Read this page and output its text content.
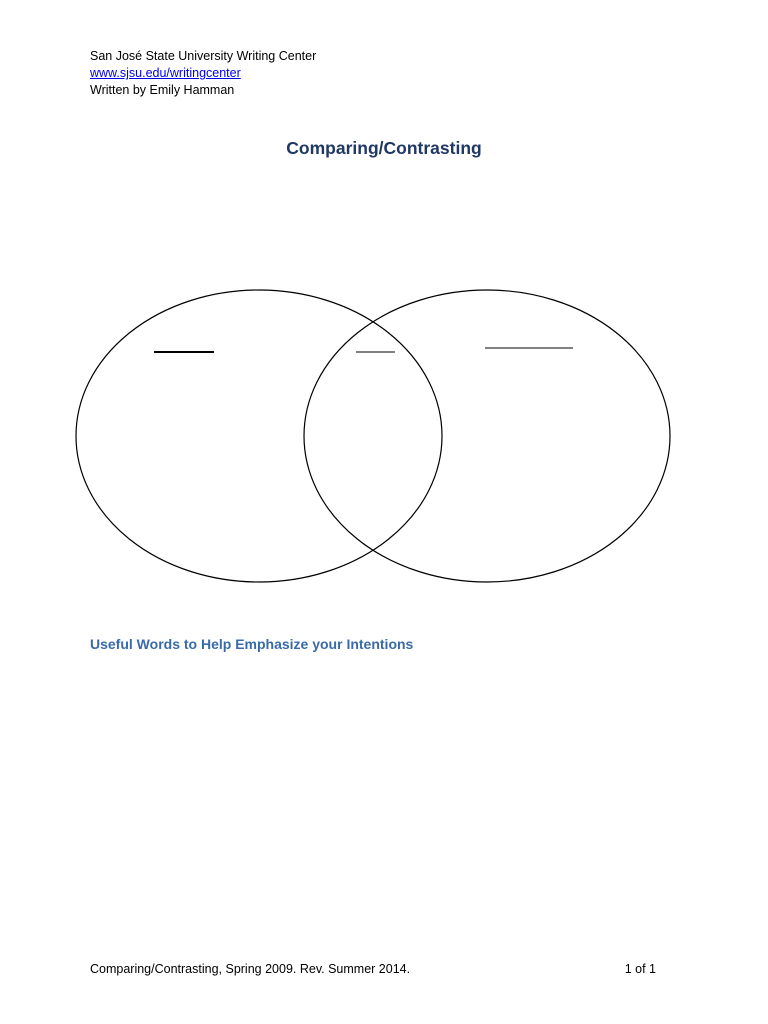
San José State University Writing Center
www.sjsu.edu/writingcenter
Written by Emily Hamman
Comparing/Contrasting
Useful Words to Help Emphasize your Intentions
Comparing/Contrasting, Spring 2009. Rev. Summer 2014.	1 of 1
